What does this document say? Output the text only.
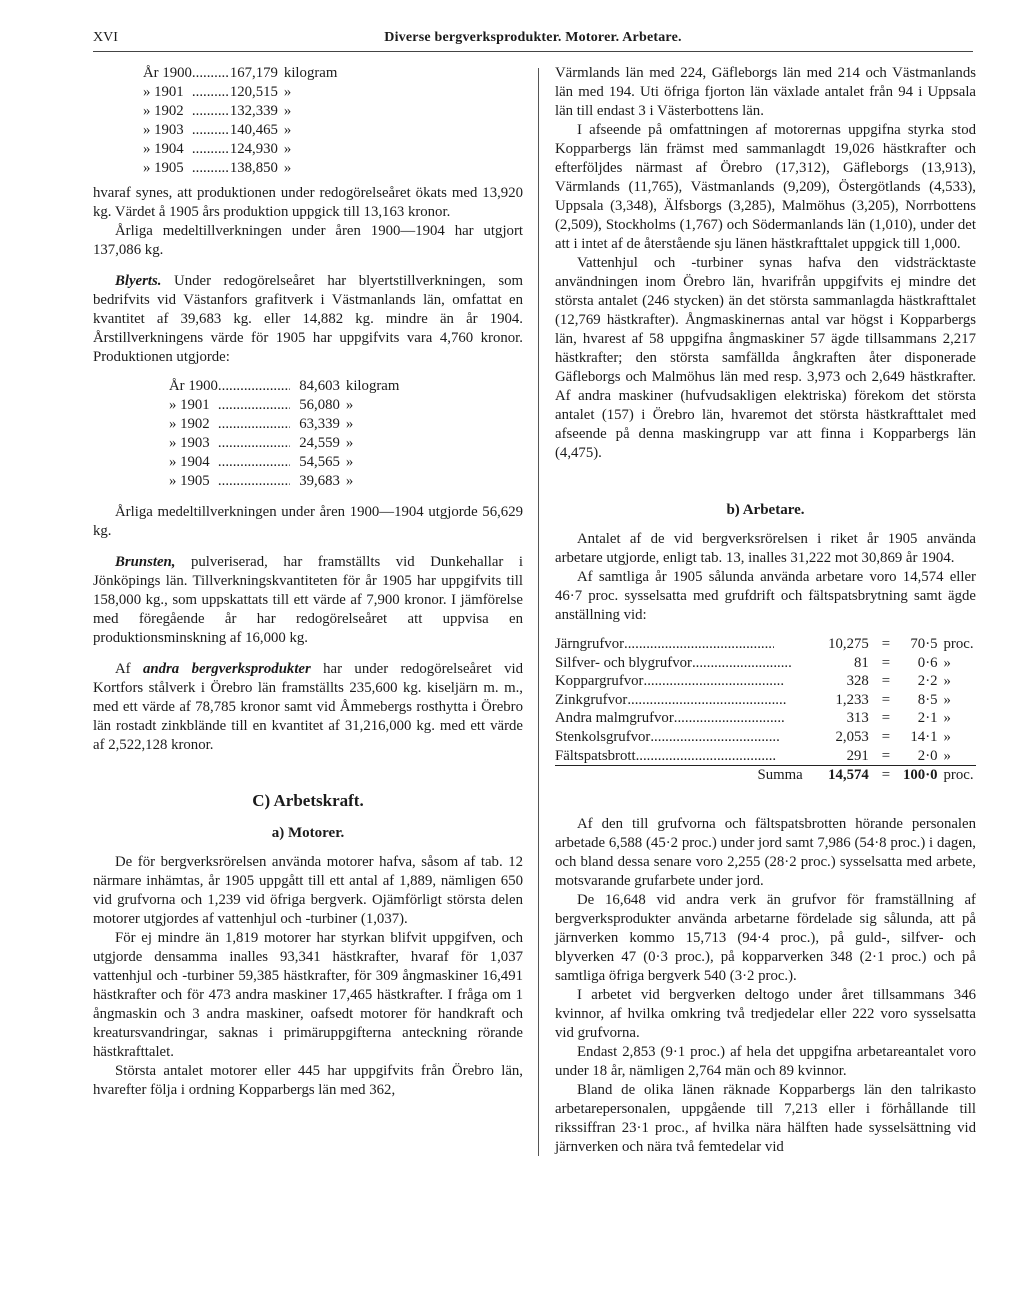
XVI	Diverse bergverksprodukter. Motorer. Arbetare.
År 1900	.....	167,179	kilogram
» 1901	.....	120,515	»
» 1902	.....	132,339	»
» 1903	.....	140,465	»
» 1904	.....	124,930	»
» 1905	.....	138,850	»

hvaraf synes, att produktionen under redogörelseåret ökats med 13,920 kg. Värdet å 1905 års produktion uppgick till 13,163 kronor.

Årliga medeltillverkningen under åren 1900—1904 har utgjort 137,086 kg.

Blyerts. Under redogörelseåret har blyertstillverkningen, som bedrifvits vid Västanfors grafitverk i Västmanlands län, omfattat en kvantitet af 39,683 kg. eller 14,882 kg. mindre än år 1904. Årstillverkningens värde för 1905 har uppgifvits vara 4,760 kronor. Produktionen utgjorde:

År 1900	.....	84,603	kilogram
» 1901	.....	56,080	»
» 1902	.....	63,339	»
» 1903	.....	24,559	»
» 1904	.....	54,565	»
» 1905	.....	39,683	»

Årliga medeltillverkningen under åren 1900—1904 utgjorde 56,629 kg.

Brunsten, pulveriserad, har framställts vid Dunkehallar i Jönköpings län. Tillverkningskvantiteten för år 1905 har uppgifvits till 158,000 kg., som uppskattats till ett värde af 7,900 kronor. I jämförelse med föregående år har redogörelseåret att uppvisa en produktionsminskning af 16,000 kg.

Af andra bergverksprodukter har under redogörelseåret vid Kortfors stålverk i Örebro län framställts 235,600 kg. kiseljärn m. m., med ett värde af 78,785 kronor samt vid Åmmebergs rosthytta i Örebro län rostadt zinkblände till en kvantitet af 31,216,000 kg. med ett värde af 2,522,128 kronor.

C) Arbetskraft.
a) Motorer.

De för bergverksrörelsen använda motorer hafva, såsom af tab. 12 närmare inhämtas, år 1905 uppgått till ett antal af 1,889, nämligen 650 vid grufvorna och 1,239 vid öfriga bergverk. Ojämförligt största delen motorer utgjordes af vattenhjul och -turbiner (1,037).

För ej mindre än 1,819 motorer har styrkan blifvit uppgifven, och utgjorde densamma inalles 93,341 hästkrafter, hvaraf för 1,037 vattenhjul och -turbiner 59,385 hästkrafter, för 309 ångmaskiner 16,491 hästkrafter och för 473 andra maskiner 17,465 hästkrafter. I fråga om 1 ångmaskin och 3 andra maskiner, oafsedt motorer för handkraft och kreatursvandringar, saknas i primäruppgifterna anteckning rörande hästkrafttalet.

Största antalet motorer eller 445 har uppgifvits från Örebro län, hvarefter följa i ordning Kopparbergs län med 362,

Värmlands län med 224, Gäfleborgs län med 214 och Västmanlands län med 194. Uti öfriga fjorton län växlade antalet från 94 i Uppsala län till endast 3 i Västerbottens län.

I afseende på omfattningen af motorernas uppgifna styrka stod Kopparbergs län främst med sammanlagdt 19,026 hästkrafter och efterföljdes närmast af Örebro (17,312), Gäfleborgs (13,913), Värmlands (11,765), Västmanlands (9,209), Östergötlands (4,533), Uppsala (3,348), Älfsborgs (3,285), Malmöhus (3,205), Norrbottens (2,509), Stockholms (1,767) och Södermanlands län (1,010), under det att i intet af de återstående sju länen hästkrafttalet uppgick till 1,000.

Vattenhjul och -turbiner synas hafva den vidsträcktaste användningen inom Örebro län, hvarifrån uppgifvits ej mindre det största antalet (246 stycken) än det största sammanlagda hästkrafttalet (12,769 hästkrafter). Ångmaskinernas antal var högst i Kopparbergs län, hvarest af 58 uppgifna ångmaskiner 57 ägde tillsammans 2,217 hästkrafter; den största samfällda ångkraften åter disponerade Gäfleborgs och Malmöhus län med resp. 3,973 och 2,649 hästkrafter. Af andra maskiner (hufvudsakligen elektriska) förekom det största antalet (157) i Örebro län, hvaremot det största hästkrafttalet med afseende på denna maskingrupp var att finna i Kopparbergs län (4,475).

b) Arbetare.

Antalet af de vid bergverksrörelsen i riket år 1905 använda arbetare utgjorde, enligt tab. 13, inalles 31,222 mot 30,869 år 1904.

Af samtliga år 1905 sålunda använda arbetare voro 14,574 eller 46·7 proc. sysselsatta med grufdrift och fältspatsbrytning samt ägde anställning vid:

Järngrufvor.....	10,275	=	70·5	proc.
Silfver- och blygrufvor.....	81	=	0·6	»
Koppargrufvor.....	328	=	2·2	»
Zinkgrufvor.....	1,233	=	8·5	»
Andra malmgrufvor.....	313	=	2·1	»
Stenkolsgrufvor.....	2,053	=	14·1	»
Fältspatsbrott.....	291	=	2·0	»
Summa	14,574	=	100·0	proc.

Af den till grufvorna och fältspatsbrotten hörande personalen arbetade 6,588 (45·2 proc.) under jord samt 7,986 (54·8 proc.) i dagen, och bland dessa senare voro 2,255 (28·2 proc.) sysselsatta med arbete, motsvarande grufarbete under jord.

De 16,648 vid andra verk än grufvor för framställning af bergverksprodukter använda arbetarne fördelade sig sålunda, att på järnverken kommo 15,713 (94·4 proc.), på guld-, silfver- och blyverken 47 (0·3 proc.), på kopparverken 348 (2·1 proc.) och på samtliga öfriga bergverk 540 (3·2 proc.).

I arbetet vid bergverken deltogo under året tillsammans 346 kvinnor, af hvilka omkring två tredjedelar eller 222 voro sysselsatta vid grufvorna.

Endast 2,853 (9·1 proc.) af hela det uppgifna arbetareantalet voro under 18 år, nämligen 2,764 män och 89 kvinnor.

Bland de olika länen räknade Kopparbergs län den talrikasto arbetarepersonalen, uppgående till 7,213 eller i förhållande till rikssiffran 23·1 proc., af hvilka nära hälften hade sysselsättning vid järnverken och nära två femtedelar vid
